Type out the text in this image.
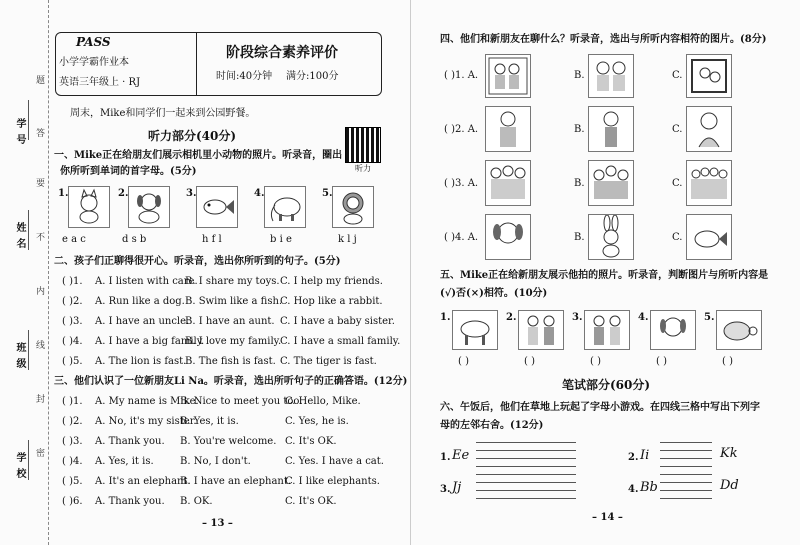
学号
姓名
班级
学校
题
答
要
不
内
线
封
密
PASS
小学学霸作业本
英语三年级上 · RJ
阶段综合素养评价
时间:40分钟 满分:100分
周末，Mike和同学们一起来到公园野餐。
听力部分(40分)
听力
一、Mike正在给朋友们展示相机里小动物的照片。听录音，圈出
你所听到单词的首字母。(5分)
1.
e a c
2.
d s b
3.
h f l
4.
b i e
5.
k l j
二、孩子们正聊得很开心。听录音，选出你所听到的句子。(5分)
( )1. A. I listen with care.
B. I share my toys. C. I help my friends.
( )2. A. Run like a dog. B. Swim like a fish.
C. Hop like a rabbit.
( )3. A. I have an uncle.
B. I have an aunt. C. I have a baby sister.
( )4. A. I have a big family.
B. I love my family.
C. I have a small family.
( )5. A. The lion is fast.
B. The fish is fast. C. The tiger is fast.
三、他们认识了一位新朋友Li Na。听录音，选出所听句子的正确答语。(12分)
( )1. A. My name is Mike.
B. Nice to meet you too.
C. Hello, Mike.
( )2. A. No, it's my sister.
B. Yes, it is.	C. Yes, he is.
( )3. A. Thank you. B. You're welcome. C. It's OK.
( )4. A. Yes, it is.	B. No, I don't.	C. Yes. I have a cat.
( )5. A. It's an elephant.
B. I have an elephant.
C. I like elephants.
( )6. A. Thank you. B. OK.	C. It's OK.
– 13 –
四、他们和新朋友在聊什么？听录音，选出与所听内容相符的图片。(8分)
( )1. A.	B.	C.
( )2. A.	B.	C.
( )3. A.	B.	C.
( )4. A.	B.	C.
五、Mike正在给新朋友展示他拍的照片。听录音，判断图片与所听内容是
(√)否(×)相符。(10分)
1.
( )
2.
( )
3.
( )
4.
( )
5.
( )
笔试部分(60分)
六、午饭后，他们在草地上玩起了字母小游戏。在四线三格中写出下列字
母的左邻右舍。(12分)
1. Ee	2. Ii	Kk
3. Jj	4. Bb	Dd
– 14 –
